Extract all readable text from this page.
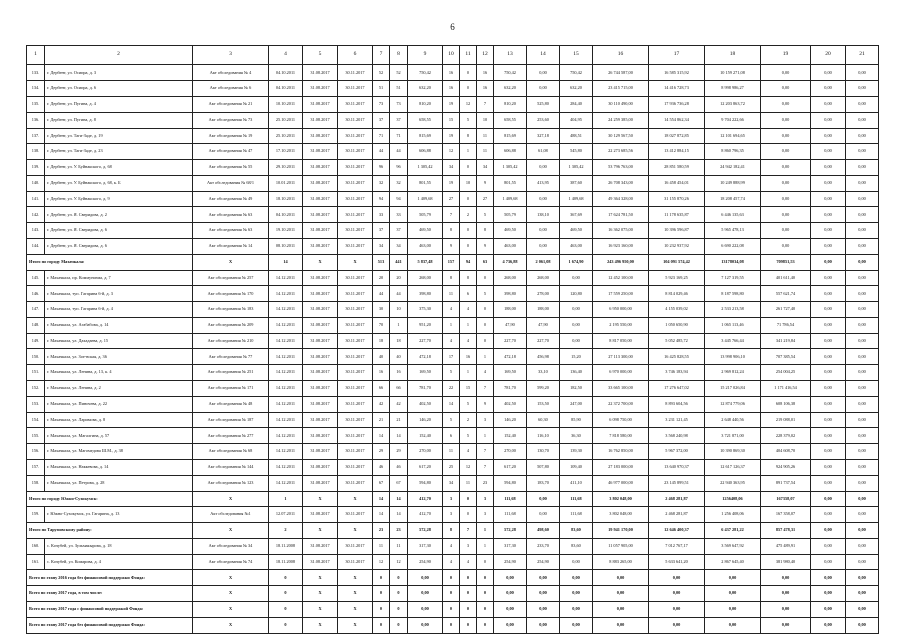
6
1	2	3	4	5	6	7	8	9	10	11	12	13	14	15	16	17	18	19	20	21
133.	г. Дербент, ул. Осипра, д. 3	Акт обследования № 4	04.10.2011	31.08.2017	30.11.2017	52	52	750,42	16	0	16	750,42	0,00	750,42	26 744 587,00	16 585 315,92	10 159 271,08	0,00	0,00	0,00
134.	г. Дербент, ул. Осипра, д. 6	Акт обследования № 6	04.10.2011	31.08.2017	30.11.2017	51	51	632,20	16	0	16	632,20	0,00	632,20	23 415 715,00	14 416 728,73	8 998 986,27	0,00	0,00	0,00
135.	г. Дербент, ул. Пугина, д. 4	Акт обследования № 21	10.10.2011	31.08.2017	30.11.2017	73	73	810,20	19	12	7	810,20	525,80	284,40	30 110 490,00	17 936 736,28	12 203 863,72	0,00	0,00	0,00
136.	г. Дербент, ул. Пугина, д. 8	Акт обследования № 73	25.10.2011	31.08.2017	30.11.2017	37	37	658,55	15	5	10	658,55	253,60	404,95	24 259 385,00	14 554 862,34	9 704 222,66	0,00	0,00	0,00
137.	г. Дербент, ул. Таги-Заде, д. 19	Акт обследования № 19	25.10.2011	31.08.2017	30.11.2017	71	71	815,69	19	8	11	815,69	327,18	488,51	30 129 567,50	18 027 872,85	12 101 694,65	0,00	0,00	0,00
138.	г. Дербент, ул. Таги-Заде, д. 23	Акт обследования № 47	17.10.2011	31.08.2017	30.11.2017	44	44	606,88	12	1	11	606,88	61,08	545,80	22 273 685,56	13 412 884,15	8 860 796,35	0,00	0,00	0,00
139.	г. Дербент, ул. У. Буйнакского, д. 68	Акт обследования № 55	29.10.2011	31.08.2017	30.11.2017	96	96	1 305,42	34	0	34	1 305,42	0,00	1 305,42	53 796 763,00	28 851 580,59	24 942 182,41	0,00	0,00	0,00
140.	г. Дербент, ул. У. Буйнакского, д. 68, к. Б	Акт обследования № 68/1	10.01.2011	31.08.2017	30.11.2017	32	32	801,55	19	10	9	801,55	413,95	387,60	26 708 343,00	16 458 454,01	10 249 888,99	0,00	0,00	0,00
141.	г. Дербент, ул. У. Буйнакского, д. 9	Акт обследования № 49	18.10.2011	31.08.2017	30.11.2017	94	94	1 409,68	27	0	27	1 409,68	0,00	1 409,68	49 364 328,00	31 155 870,26	18 208 457,74	0,00	0,00	0,00
142.	г. Дербент, ул. Я. Сверидова, д. 2	Акт обследования № 63	04.10.2011	31.08.2017	30.11.2017	33	33	505,79	7	2	5	505,79	138,10	367,69	17 624 781,50	11 178 635,87	6 446 135,63	0,00	0,00	0,00
143.	г. Дербент, ул. Я. Сверидова, д. 6	Акт обследования № 63	19.10.2011	31.08.2017	30.11.2017	37	37	469,50	8	0	8	469,50	0,00	469,50	16 362 075,00	10 396 596,87	5 965 478,13	0,00	0,00	0,00
144.	г. Дербент, ул. Я. Сверидова, д. 6	Акт обследования № 14	08.10.2011	31.08.2017	30.11.2017	34	34	463,00	9	0	9	463,00	0,00	463,00	16 923 160,00	10 232 937,92	6 690 222,08	0,00	0,00	0,00
Итого по городу Махачкала:		X	14	X	X	513	441	5 837,48	157	94	63	4 736,88	2 061,08	1 674,90	243 496 950,00	104 091 574,42	13178034,08	709851,53	0,00	0,00
145.	г. Махачкала, пр. Коммунизма, д. 7	Акт обследования № 257	14.12.2011	31.08.2017	30.11.2017	20	20	268,00	8	8	0	268,00	268,00	0,00	12 452 100,00	5 923 169,25	7 127 319,55	401 611,40	0,00	0,00
146.	г. Махачкала, туп. Гагарина 6-й, д. 3	Акт обследования № 170	14.12.2011	31.08.2017	30.11.2017	44	44	398,80	11	6	5	398,80	278,00	120,80	17 559 250,00	8 814 029,46	8 187 598,80	557 621,74	0,00	0,00
147.	г. Махачкала, туп. Гагарина 6-й, д. 4	Акт обследования № 183	14.12.2011	31.08.2017	30.11.2017	30	10	375,30	4	4	0	188,00	188,00	0,00	6 950 000,00	4 155 039,02	2 533 213,58	261 727,40	0,00	0,00
148.	г. Махачкала, ул. Агабабова, д. 14	Акт обследования № 209	14.12.2011	31.08.2017	30.11.2017	70	1	951,20	1	1	0	47,90	47,90	0,00	2 195 550,00	1 050 650,90	1 065 113,46	71 786,54	0,00	0,00
149.	г. Махачкала, ул. Дахадаева, д. 15	Акт обследования № 210	14.12.2011	31.08.2017	30.11.2017	18	18	227,70	4	4	0	227,70	227,70	0,00	8 817 050,00	5 052 485,72	3 445 766,44	341 219,84	0,00	0,00
150.	г. Махачкала, ул. Зое-вская, д. 36	Акт обследования № 77	14.12.2011	31.08.2017	30.11.2017	40	40	472,18	17	16	1	472,18	456,98	15,20	27 113 300,00	16 425 828,55	13 998 906,10	707 385,54	0,00	0,00
151.	г. Махачкала, ул. Ленина, д. 13, к. 4	Акт обследования № 251	14.12.2011	31.08.2017	30.11.2017	16	16	169,50	5	1	4	169,50	33,10	136,40	6 970 000,00	3 746 183,94	2 969 812,24	254 004,25	0,00	0,00
152.	г. Махачкала, ул. Ленина, д. 2	Акт обследования № 171	14.12.2011	31.08.2017	30.11.2017	66	66	781,70	22	15	7	781,70	599,20	182,50	33 665 100,00	17 276 647,02	15 217 026,84	1 171 416,54	0,00	0,00
153.	г. Махачкала, ул. Пиночева, д. 22	Акт обследования № 48	14.12.2011	31.08.2017	30.11.2017	42	42	402,50	14	5	9	402,50	153,50	247,00	22 372 700,00	8 893 604,56	12 874 779,06	608 106,38	0,00	0,00
154.	г. Махачкала, ул. Ларимова, д. 8	Акт обследования № 187	14.12.2011	31.08.2017	30.11.2017	21	21	146,20	5	2	3	146,20	60,30	85,90	6 098 750,00	3 231 121,45	2 648 440,56	219 088,01	0,00	0,00
155.	г. Махачкала, ул. Магалгина, д. 57	Акт обследования № 277	14.12.2011	31.08.2017	30.11.2017	14	14	152,40	6	5	1	152,40	116,10	36,30	7 818 580,00	3 568 240,98	3 721 871,00	228 379,02	0,00	0,00
156.	г. Махачкала, ул. Магомедова Ш.М., д. 38	Акт обследования № 68	14.12.2011	31.08.2017	30.11.2017	29	29	270,00	11	4	7	270,00	130,70	139,30	16 762 850,00	5 967 372,00	10 390 869,30	404 608,70	0,00	0,00
157.	г. Махачкала, ул. Наккевова, д. 14	Акт обследования № 144	14.12.2011	31.08.2017	30.11.2017	46	46	617,20	25	12	7	617,20	507,80	109,40	27 183 000,00	13 640 970,37	12 617 126,37	924 905,26	0,00	0,00
158.	г. Махачкала, ул. Петрова, д. 28	Акт обследования № 123	14.12.2011	31.08.2017	30.11.2017	67	67	594,80	34	11	23	594,80	183,70	411,10	46 977 000,00	23 145 899,51	22 940 363,95	891 737,54	0,00	0,00
Итого по городу Южно-Сухокумск:		X	1	X	X	14	14	412,70	3	0	3	111,68	0,00	111,68	3 802 048,00	2 468 281,87	1256408,06	167358,07	0,00	0,00
159.	г. Южно-Сухокумск, ул. Гагарина, д. 13	Акт обследования №1	12.07.2011	31.08.2017	30.11.2017	14	14	412,70	3	0	3	111,68	0,00	111,68	3 802 048,00	2 468 281,87	1 256 408,06	167 358,07	0,00	0,00
Итого по Тарумовскому району:		X	2	X	X	23	23	572,28	8	7	1	572,28	498,60	83,60	19 941 170,00	12 646 400,37	6 437 281,22	857 478,31	0,00	0,00
160.	с. Кочубей, ул. Зульмакырова, д. 18	Акт обследования № 34	18.11.2008	31.08.2017	30.11.2017	11	11	317,30	4	3	1	317,30	233,70	83,60	11 057 905,00	7 012 767,17	3 569 647,92	475 489,91	0,00	0,00
161.	с. Кочубей, ул. Комарова, д. 4	Акт обследования № 74	18.11.2008	31.08.2017	30.11.2017	12	12	254,90	4	4	0	254,90	254,90	0,00	8 883 265,00	5 633 641,20	2 867 645,40	381 980,40	0,00	0,00
Всего по этапу 2016 года без финансовой поддержки Фонда:		X	0	X	X	0	0	0,00	0	0	0	0,00	0,00	0,00	0,00	0,00	0,00	0,00	0,00	0,00
Всего по этапу 2017 года, в том числе:		X	0	X	X	0	0	0,00	0	0	0	0,00	0,00	0,00	0,00	0,00	0,00	0,00	0,00	0,00
Всего по этапу 2017 года с финансовой поддержкой Фонда:		X	0	X	X	0	0	0,00	0	0	0	0,00	0,00	0,00	0,00	0,00	0,00	0,00	0,00	0,00
Всего по этапу 2017 года без финансовой поддержки Фонда:		X	0	X	X	0	0	0,00	0	0	0	0,00	0,00	0,00	0,00	0,00	0,00	0,00	0,00	0,00
